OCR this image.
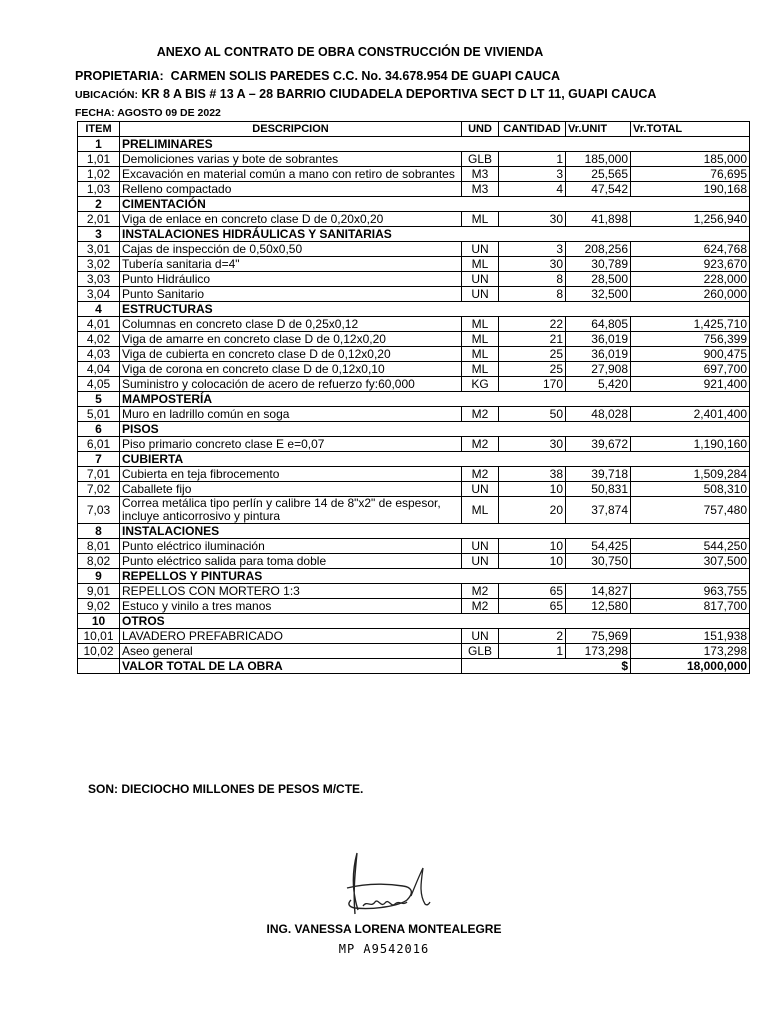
ANEXO AL CONTRATO DE OBRA CONSTRUCCIÓN DE VIVIENDA
PROPIETARIA: CARMEN SOLIS PAREDES C.C. No. 34.678.954 DE GUAPI CAUCA
UBICACIÓN: KR 8 A BIS # 13 A – 28 BARRIO CIUDADELA DEPORTIVA SECT D LT 11, GUAPI CAUCA
FECHA: AGOSTO 09 DE 2022
ITEM	DESCRIPCION	UND	CANTIDAD	Vr.UNIT	Vr.TOTAL
1	PRELIMINARES				
1,01	Demoliciones varias y bote de sobrantes	GLB	1	185,000	185,000
1,02	Excavación en material común a mano con retiro de sobrantes	M3	3	25,565	76,695
1,03	Relleno compactado	M3	4	47,542	190,168
2	CIMENTACIÓN				
2,01	Viga de enlace en concreto clase D de 0,20x0,20	ML	30	41,898	1,256,940
3	INSTALACIONES HIDRÁULICAS Y SANITARIAS				
3,01	Cajas de inspección de 0,50x0,50	UN	3	208,256	624,768
3,02	Tubería sanitaria d=4"	ML	30	30,789	923,670
3,03	Punto Hidráulico	UN	8	28,500	228,000
3,04	Punto Sanitario	UN	8	32,500	260,000
4	ESTRUCTURAS				
4,01	Columnas en concreto clase D de 0,25x0,12	ML	22	64,805	1,425,710
4,02	Viga de amarre en concreto clase D de 0,12x0,20	ML	21	36,019	756,399
4,03	Viga de cubierta en concreto clase D de 0,12x0,20	ML	25	36,019	900,475
4,04	Viga de corona en concreto clase D de 0,12x0,10	ML	25	27,908	697,700
4,05	Suministro y colocación de acero de refuerzo fy:60,000	KG	170	5,420	921,400
5	MAMPOSTERÍA				
5,01	Muro en ladrillo común en soga	M2	50	48,028	2,401,400
6	PISOS				
6,01	Piso primario concreto clase E e=0,07	M2	30	39,672	1,190,160
7	CUBIERTA				
7,01	Cubierta en teja fibrocemento	M2	38	39,718	1,509,284
7,02	Caballete fijo	UN	10	50,831	508,310
7,03	Correa metálica tipo perlín y calibre 14 de 8"x2" de espesor, incluye anticorrosivo y pintura	ML	20	37,874	757,480
8	INSTALACIONES				
8,01	Punto eléctrico iluminación	UN	10	54,425	544,250
8,02	Punto eléctrico salida para toma doble	UN	10	30,750	307,500
9	REPELLOS Y PINTURAS				
9,01	REPELLOS CON MORTERO 1:3	M2	65	14,827	963,755
9,02	Estuco y vinilo a tres manos	M2	65	12,580	817,700
10	OTROS				
10,01	LAVADERO PREFABRICADO	UN	2	75,969	151,938
10,02	Aseo general	GLB	1	173,298	173,298
	VALOR TOTAL DE LA OBRA			$	18,000,000
SON: DIECIOCHO MILLONES DE PESOS M/CTE.
ING. VANESSA LORENA MONTEALEGRE
MP A9542016
